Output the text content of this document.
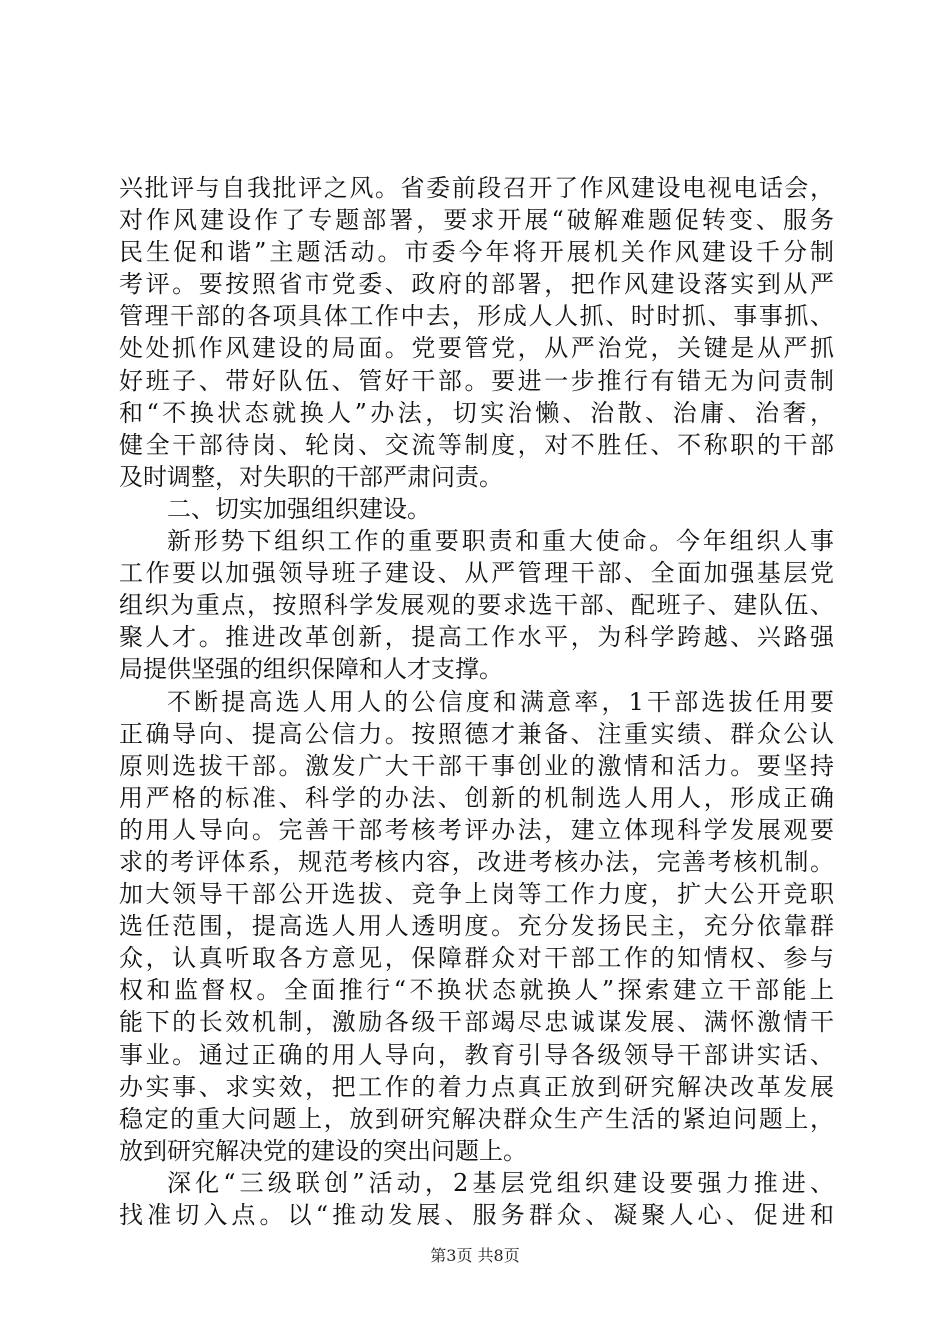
兴批评与自我批评之风。省委前段召开了作风建设电视电话会，
对作风建设作了专题部署，要求开展“破解难题促转变、服务
民生促和谐”主题活动。市委今年将开展机关作风建设千分制
考评。要按照省市党委、政府的部署，把作风建设落实到从严
管理干部的各项具体工作中去，形成人人抓、时时抓、事事抓、
处处抓作风建设的局面。党要管党，从严治党，关键是从严抓
好班子、带好队伍、管好干部。要进一步推行有错无为问责制
和“不换状态就换人”办法，切实治懒、治散、治庸、治奢，
健全干部待岗、轮岗、交流等制度，对不胜任、不称职的干部
及时调整，对失职的干部严肃问责。
二、切实加强组织建设。
新形势下组织工作的重要职责和重大使命。今年组织人事
工作要以加强领导班子建设、从严管理干部、全面加强基层党
组织为重点，按照科学发展观的要求选干部、配班子、建队伍、
聚人才。推进改革创新，提高工作水平，为科学跨越、兴路强
局提供坚强的组织保障和人才支撑。
不断提高选人用人的公信度和满意率，1干部选拔任用要
正确导向、提高公信力。按照德才兼备、注重实绩、群众公认
原则选拔干部。激发广大干部干事创业的激情和活力。要坚持
用严格的标准、科学的办法、创新的机制选人用人，形成正确
的用人导向。完善干部考核考评办法，建立体现科学发展观要
求的考评体系，规范考核内容，改进考核办法，完善考核机制。
加大领导干部公开选拔、竞争上岗等工作力度，扩大公开竞职
选任范围，提高选人用人透明度。充分发扬民主，充分依靠群
众，认真听取各方意见，保障群众对干部工作的知情权、参与
权和监督权。全面推行“不换状态就换人”探索建立干部能上
能下的长效机制，激励各级干部竭尽忠诚谋发展、满怀激情干
事业。通过正确的用人导向，教育引导各级领导干部讲实话、
办实事、求实效，把工作的着力点真正放到研究解决改革发展
稳定的重大问题上，放到研究解决群众生产生活的紧迫问题上，
放到研究解决党的建设的突出问题上。
深化“三级联创”活动，2基层党组织建设要强力推进、
找准切入点。以“推动发展、服务群众、凝聚人心、促进和
第3页 共8页
